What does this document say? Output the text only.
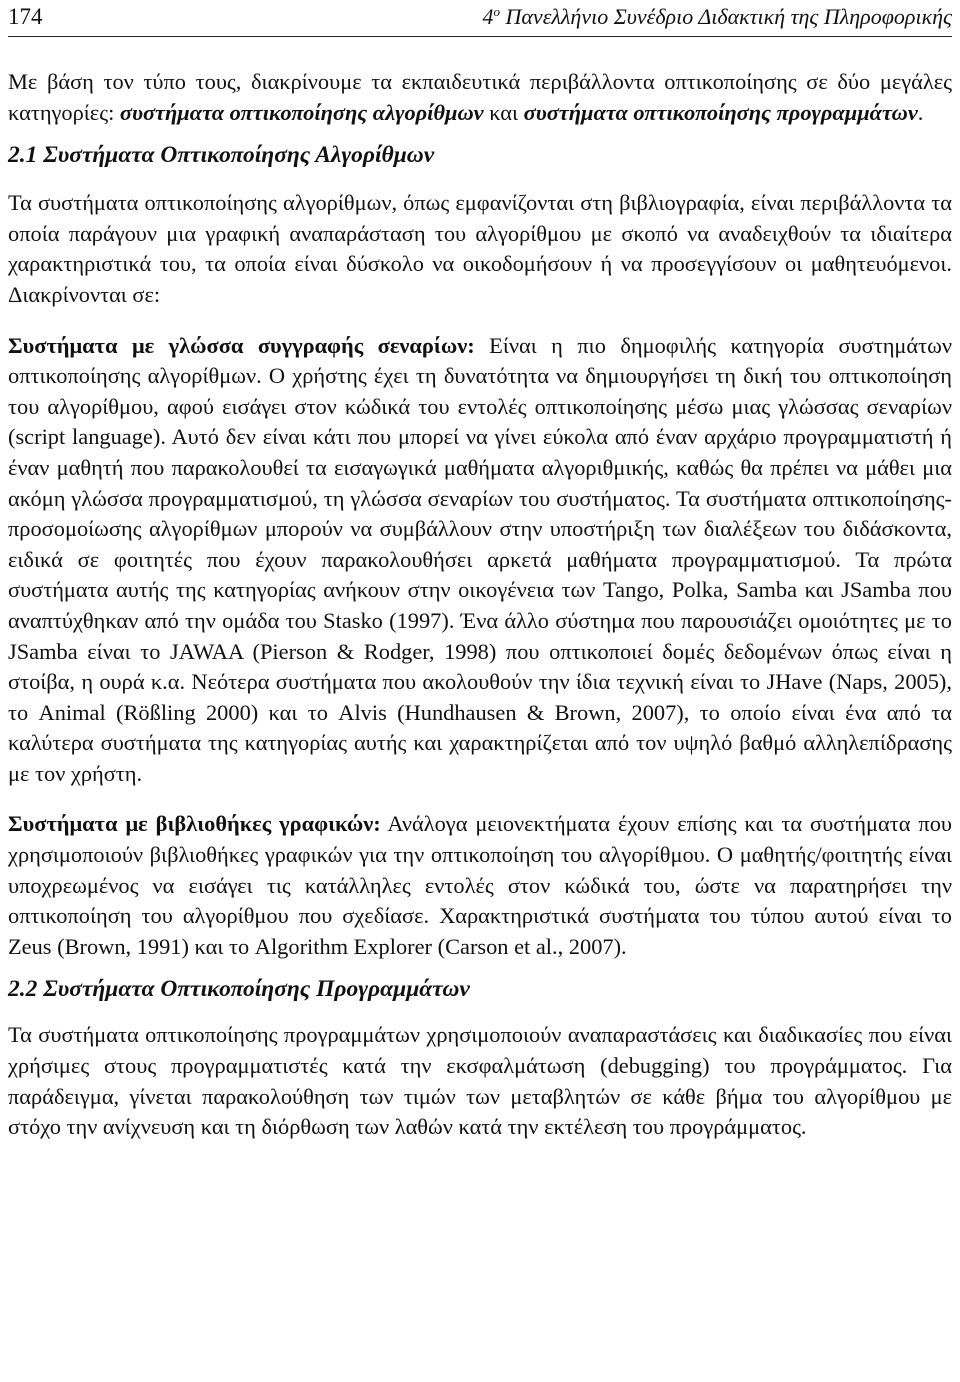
174	$4^o$ Πανελλήνιο Συνέδριο Διδακτική της Πληροφορικής

Με βάση τον τύπο τους, διακρίνουμε τα εκπαιδευτικά περιβάλλοντα οπτικοποίησης σε δύο μεγάλες κατηγορίες: συστήματα οπτικοποίησης αλγορίθμων και συστήματα οπτικοποίησης προγραμμάτων.

2.1 Συστήματα Οπτικοποίησης Αλγορίθμων

Τα συστήματα οπτικοποίησης αλγορίθμων, όπως εμφανίζονται στη βιβλιογραφία, είναι περιβάλλοντα τα οποία παράγουν μια γραφική αναπαράσταση του αλγορίθμου με σκοπό να αναδειχθούν τα ιδιαίτερα χαρακτηριστικά του, τα οποία είναι δύσκολο να οικοδομήσουν ή να προσεγγίσουν οι μαθητευόμενοι. Διακρίνονται σε:

Συστήματα με γλώσσα συγγραφής σεναρίων: Είναι η πιο δημοφιλής κατηγορία συστημάτων οπτικοποίησης αλγορίθμων. Ο χρήστης έχει τη δυνατότητα να δημιουργήσει τη δική του οπτικοποίηση του αλγορίθμου, αφού εισάγει στον κώδικά του εντολές οπτικοποίησης μέσω μιας γλώσσας σεναρίων (script language). Αυτό δεν είναι κάτι που μπορεί να γίνει εύκολα από έναν αρχάριο προγραμματιστή ή έναν μαθητή που παρακολουθεί τα εισαγωγικά μαθήματα αλγοριθμικής, καθώς θα πρέπει να μάθει μια ακόμη γλώσσα προγραμματισμού, τη γλώσσα σεναρίων του συστήματος. Τα συστήματα οπτικοποίησης-προσομοίωσης αλγορίθμων μπορούν να συμβάλλουν στην υποστήριξη των διαλέξεων του διδάσκοντα, ειδικά σε φοιτητές που έχουν παρακολουθήσει αρκετά μαθήματα προγραμματισμού. Τα πρώτα συστήματα αυτής της κατηγορίας ανήκουν στην οικογένεια των Tango, Polka, Samba και JSamba που αναπτύχθηκαν από την ομάδα του Stasko (1997). Ένα άλλο σύστημα που παρουσιάζει ομοιότητες με το JSamba είναι το JAWAA (Pierson & Rodger, 1998) που οπτικοποιεί δομές δεδομένων όπως είναι η στοίβα, η ουρά κ.α. Νεότερα συστήματα που ακολουθούν την ίδια τεχνική είναι το JHave (Naps, 2005), το Animal (Rößling 2000) και το Alvis (Hundhausen & Brown, 2007), το οποίο είναι ένα από τα καλύτερα συστήματα της κατηγορίας αυτής και χαρακτηρίζεται από τον υψηλό βαθμό αλληλεπίδρασης με τον χρήστη.

Συστήματα με βιβλιοθήκες γραφικών: Ανάλογα μειονεκτήματα έχουν επίσης και τα συστήματα που χρησιμοποιούν βιβλιοθήκες γραφικών για την οπτικοποίηση του αλγορίθμου. Ο μαθητής/φοιτητής είναι υποχρεωμένος να εισάγει τις κατάλληλες εντολές στον κώδικά του, ώστε να παρατηρήσει την οπτικοποίηση του αλγορίθμου που σχεδίασε. Χαρακτηριστικά συστήματα του τύπου αυτού είναι το Zeus (Brown, 1991) και το Algorithm Explorer (Carson et al., 2007).

2.2 Συστήματα Οπτικοποίησης Προγραμμάτων

Τα συστήματα οπτικοποίησης προγραμμάτων χρησιμοποιούν αναπαραστάσεις και διαδικασίες που είναι χρήσιμες στους προγραμματιστές κατά την εκσφαλμάτωση (debugging) του προγράμματος. Για παράδειγμα, γίνεται παρακολούθηση των τιμών των μεταβλητών σε κάθε βήμα του αλγορίθμου με στόχο την ανίχνευση και τη διόρθωση των λαθών κατά την εκτέλεση του προγράμματος.
